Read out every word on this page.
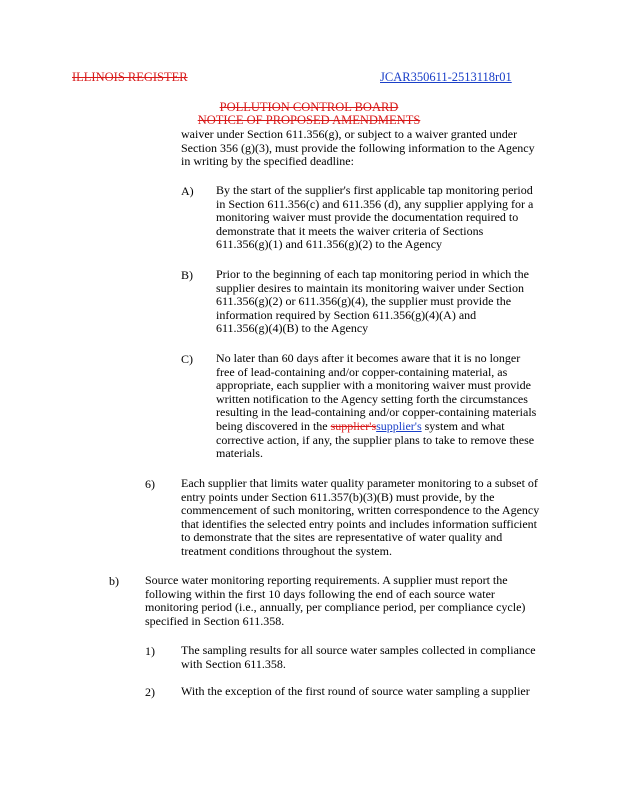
ILLINOIS REGISTER	JCAR350611-2513118r01
POLLUTION CONTROL BOARD
NOTICE OF PROPOSED AMENDMENTS
waiver under Section 611.356(g), or subject to a waiver granted under
Section 356 (g)(3), must provide the following information to the Agency
in writing by the specified deadline:
A) By the start of the supplier's first applicable tap monitoring period
in Section 611.356(c) and 611.356 (d), any supplier applying for a
monitoring waiver must provide the documentation required to
demonstrate that it meets the waiver criteria of Sections
611.356(g)(1) and 611.356(g)(2) to the Agency
B) Prior to the beginning of each tap monitoring period in which the
supplier desires to maintain its monitoring waiver under Section
611.356(g)(2) or 611.356(g)(4), the supplier must provide the
information required by Section 611.356(g)(4)(A) and
611.356(g)(4)(B) to the Agency
C) No later than 60 days after it becomes aware that it is no longer
free of lead-containing and/or copper-containing material, as
appropriate, each supplier with a monitoring waiver must provide
written notification to the Agency setting forth the circumstances
resulting in the lead-containing and/or copper-containing materials
being discovered in the supplier'ssupplier's system and what
corrective action, if any, the supplier plans to take to remove these
materials.
6) Each supplier that limits water quality parameter monitoring to a subset of
entry points under Section 611.357(b)(3)(B) must provide, by the
commencement of such monitoring, written correspondence to the Agency
that identifies the selected entry points and includes information sufficient
to demonstrate that the sites are representative of water quality and
treatment conditions throughout the system.
b) Source water monitoring reporting requirements. A supplier must report the
following within the first 10 days following the end of each source water
monitoring period (i.e., annually, per compliance period, per compliance cycle)
specified in Section 611.358.
1) The sampling results for all source water samples collected in compliance
with Section 611.358.
2) With the exception of the first round of source water sampling a supplier
